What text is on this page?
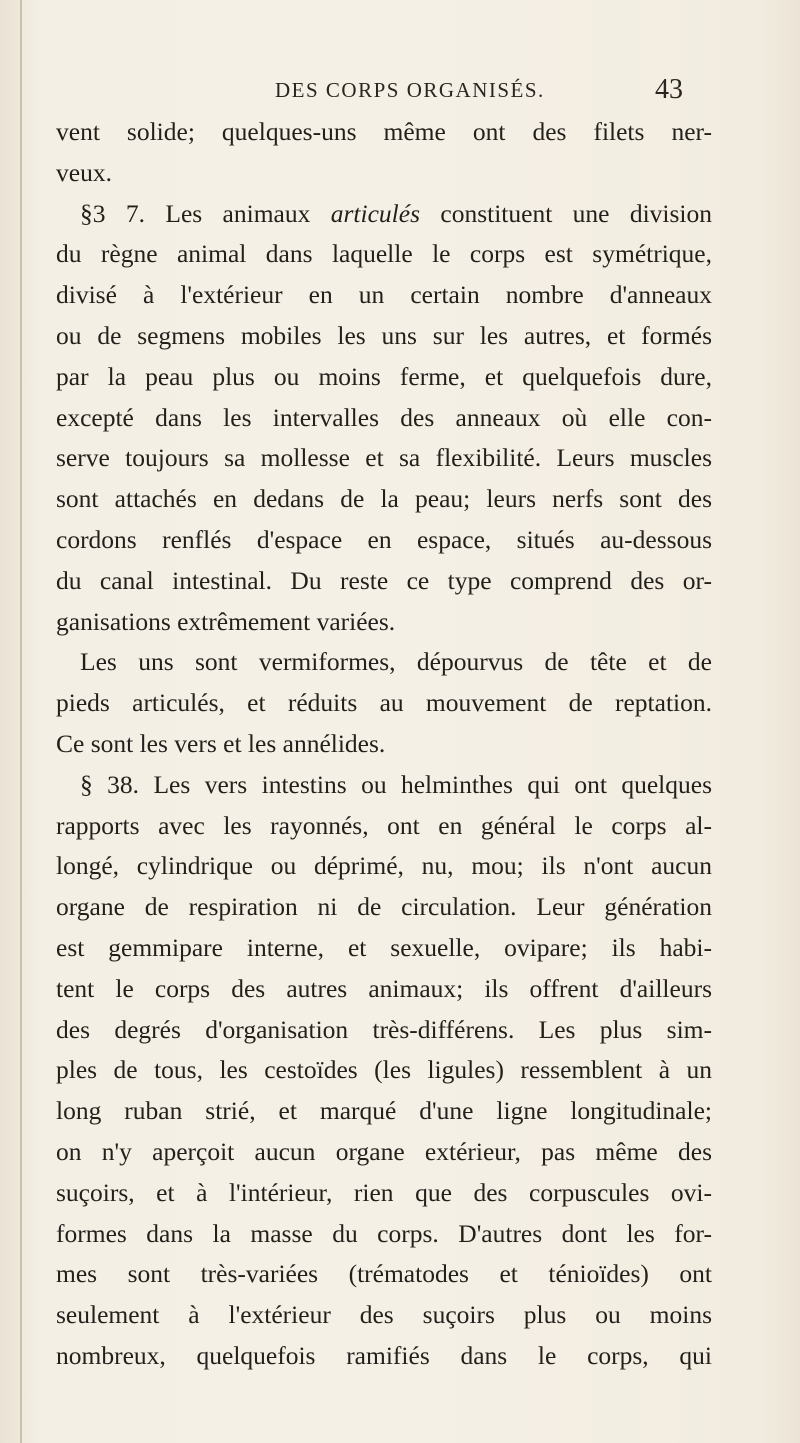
DES CORPS ORGANISÉS.	43
vent solide; quelques-uns même ont des filets ner-
veux.
§3 7. Les animaux articulés constituent une division
du règne animal dans laquelle le corps est symétrique,
divisé à l'extérieur en un certain nombre d'anneaux
ou de segmens mobiles les uns sur les autres, et formés
par la peau plus ou moins ferme, et quelquefois dure,
excepté dans les intervalles des anneaux où elle con-
serve toujours sa mollesse et sa flexibilité. Leurs muscles
sont attachés en dedans de la peau; leurs nerfs sont des
cordons renflés d'espace en espace, situés au-dessous
du canal intestinal. Du reste ce type comprend des or-
ganisations extrêmement variées.
Les uns sont vermiformes, dépourvus de tête et de
pieds articulés, et réduits au mouvement de reptation.
Ce sont les vers et les annélides.
§ 38. Les vers intestins ou helminthes qui ont quelques
rapports avec les rayonnés, ont en général le corps al-
longé, cylindrique ou déprimé, nu, mou; ils n'ont aucun
organe de respiration ni de circulation. Leur génération
est gemmipare interne, et sexuelle, ovipare; ils habi-
tent le corps des autres animaux; ils offrent d'ailleurs
des degrés d'organisation très-différens. Les plus sim-
ples de tous, les cestoïdes (les ligules) ressemblent à un
long ruban strié, et marqué d'une ligne longitudinale;
on n'y aperçoit aucun organe extérieur, pas même des
suçoirs, et à l'intérieur, rien que des corpuscules ovi-
formes dans la masse du corps. D'autres dont les for-
mes sont très-variées (trématodes et ténioïdes) ont
seulement à l'extérieur des suçoirs plus ou moins
nombreux, quelquefois ramifiés dans le corps, qui
